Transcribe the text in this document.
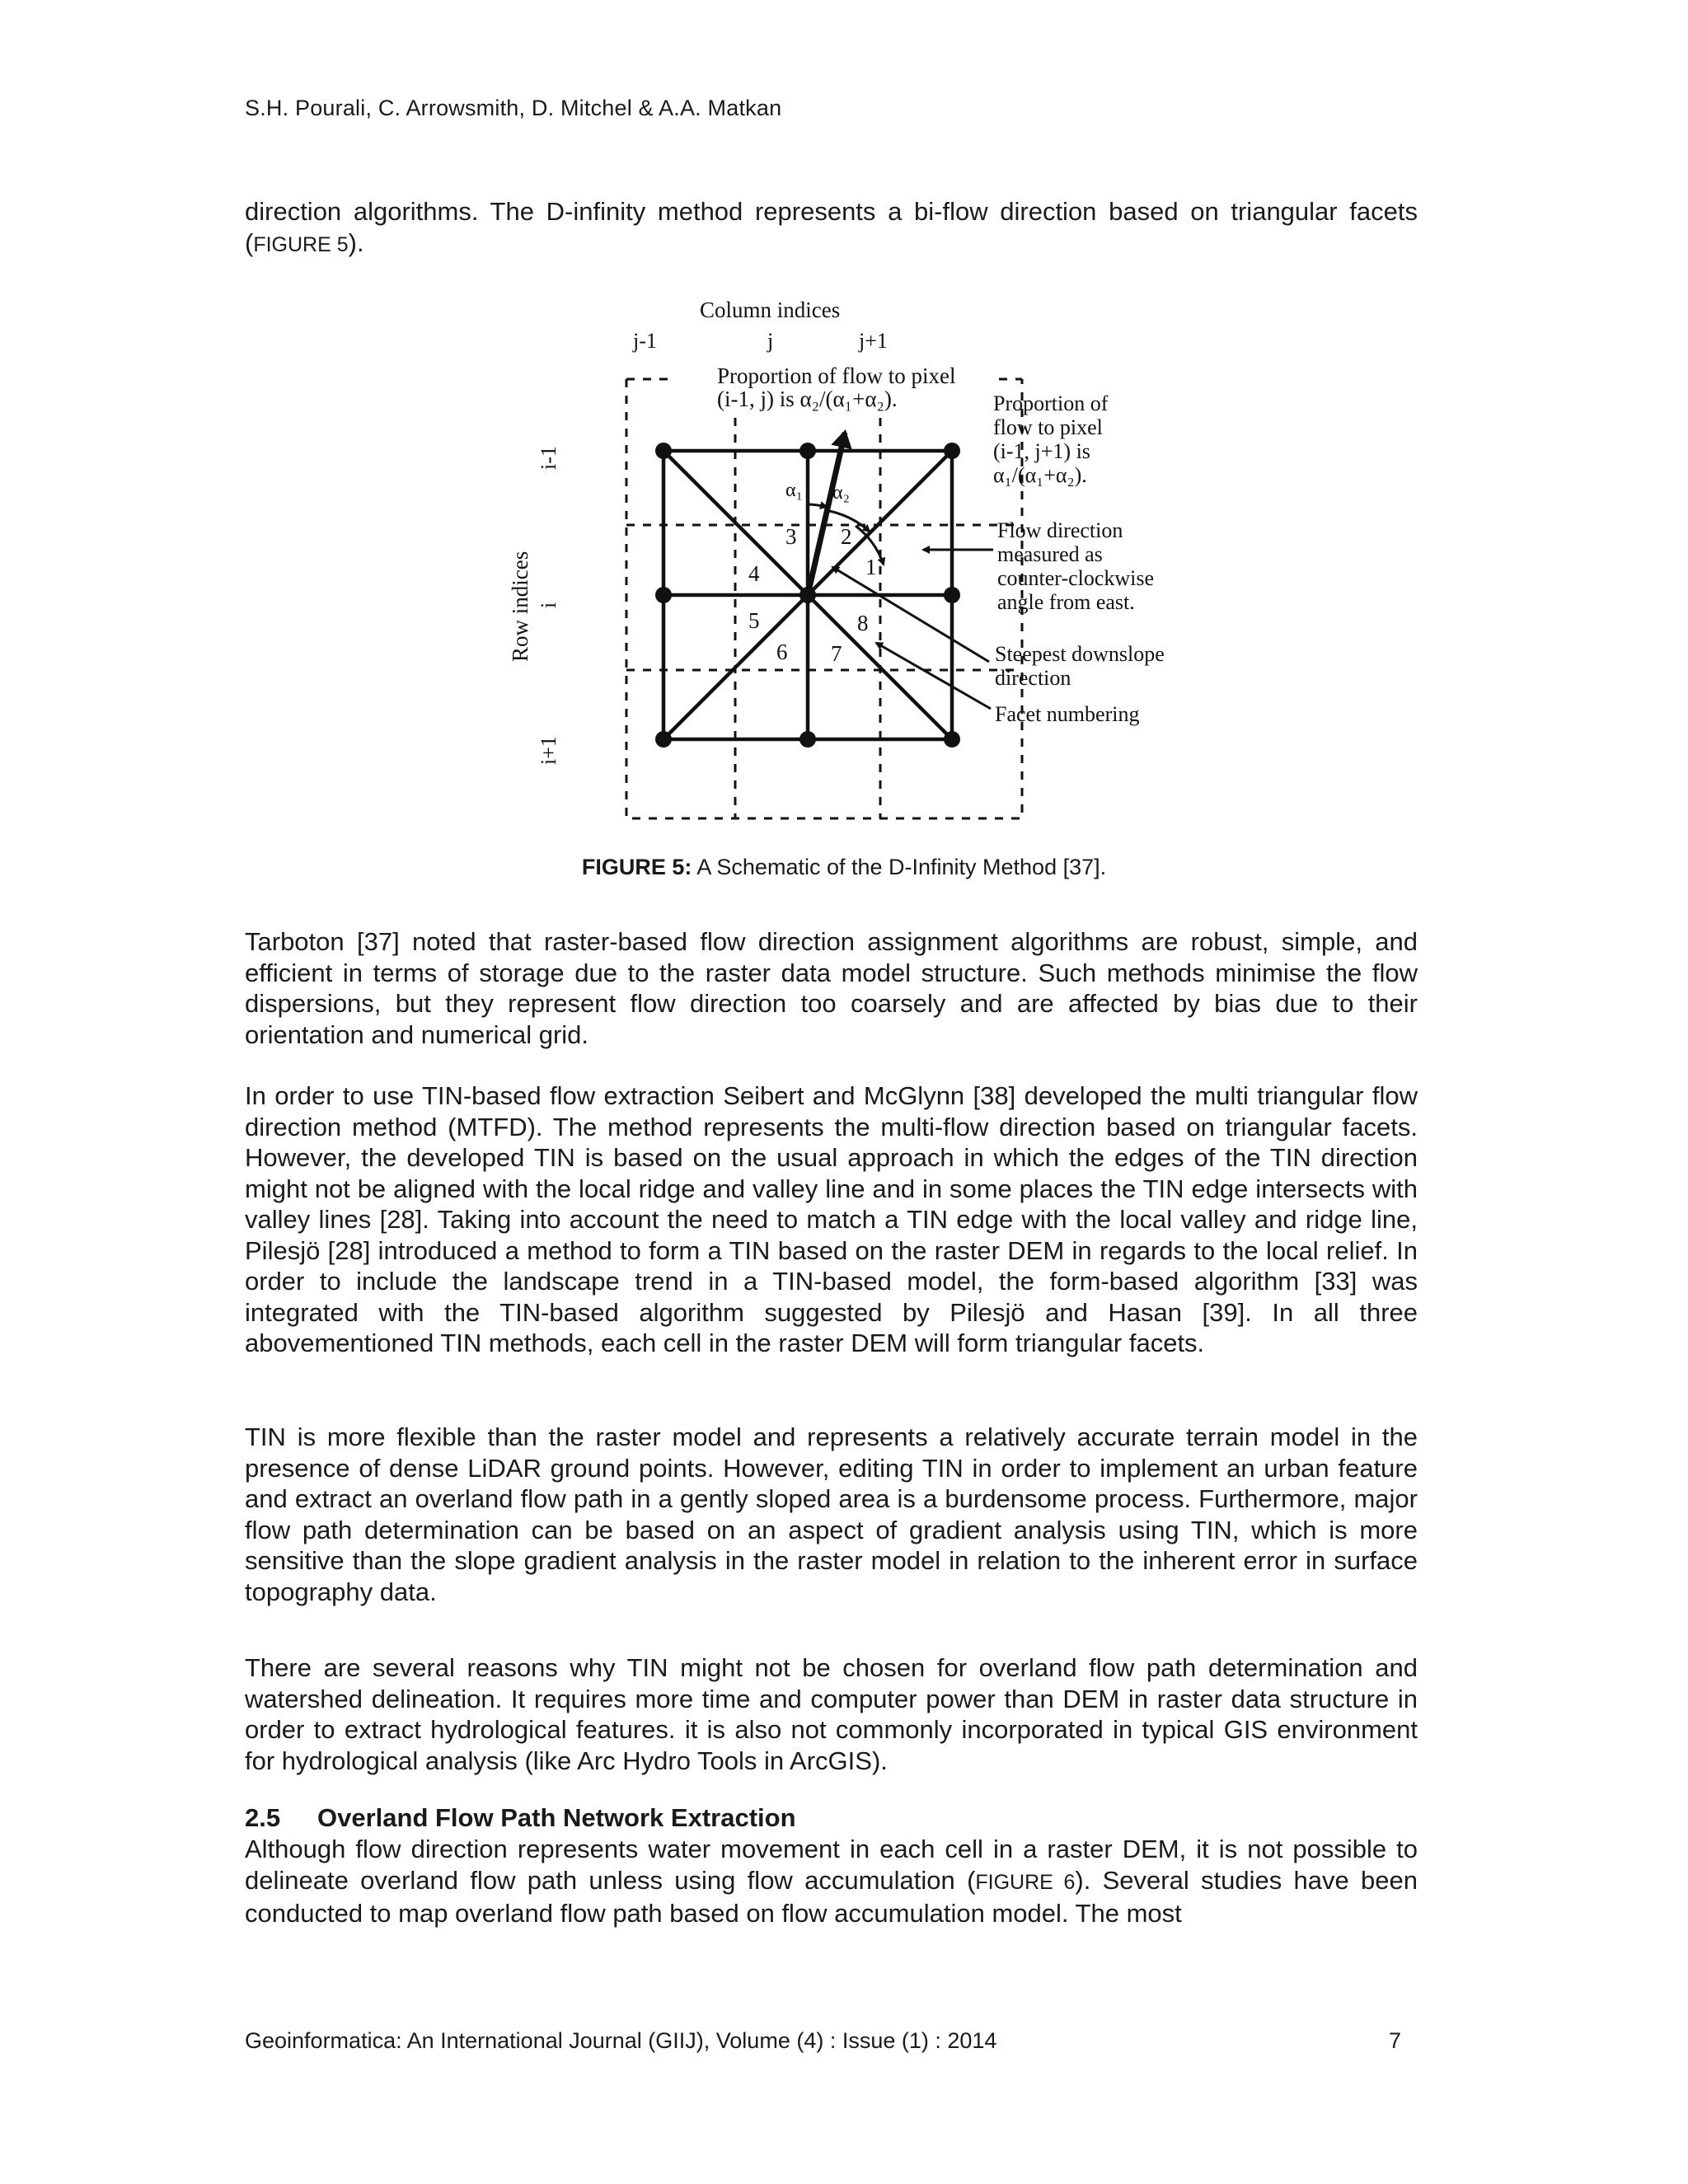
S.H. Pourali, C. Arrowsmith, D. Mitchel & A.A. Matkan

direction algorithms. The D-infinity method represents a bi-flow direction based on triangular facets (FIGURE 5).

Column indices
j-1	j	j+1
Row indices
i-1
i
i+1
α₁ α₂
2
3
4	1
5
6 7
8
Proportion of flow to pixel
(i-1, j) is α₂/(α₁+α₂).	Proportion of
flow to pixel
(i-1, j+1) is
α₁/(α₁+α₂).
Flow direction
measured as
counter-clockwise
angle from east.
Steepest downslope
direction
Facet numbering
FIGURE 5: A Schematic of the D-Infinity Method [37].

Tarboton [37] noted that raster-based flow direction assignment algorithms are robust, simple, and efficient in terms of storage due to the raster data model structure. Such methods minimise the flow dispersions, but they represent flow direction too coarsely and are affected by bias due to their orientation and numerical grid.

In order to use TIN-based flow extraction Seibert and McGlynn [38] developed the multi triangular flow direction method (MTFD). The method represents the multi-flow direction based on triangular facets. However, the developed TIN is based on the usual approach in which the edges of the TIN direction might not be aligned with the local ridge and valley line and in some places the TIN edge intersects with valley lines [28]. Taking into account the need to match a TIN edge with the local valley and ridge line, Pilesjö [28] introduced a method to form a TIN based on the raster DEM in regards to the local relief. In order to include the landscape trend in a TIN-based model, the form-based algorithm [33] was integrated with the TIN-based algorithm suggested by Pilesjö and Hasan [39]. In all three abovementioned TIN methods, each cell in the raster DEM will form triangular facets.

TIN is more flexible than the raster model and represents a relatively accurate terrain model in the presence of dense LiDAR ground points. However, editing TIN in order to implement an urban feature and extract an overland flow path in a gently sloped area is a burdensome process. Furthermore, major flow path determination can be based on an aspect of gradient analysis using TIN, which is more sensitive than the slope gradient analysis in the raster model in relation to the inherent error in surface topography data.

There are several reasons why TIN might not be chosen for overland flow path determination and watershed delineation. It requires more time and computer power than DEM in raster data structure in order to extract hydrological features. it is also not commonly incorporated in typical GIS environment for hydrological analysis (like Arc Hydro Tools in ArcGIS).

2.5 Overland Flow Path Network Extraction

Although flow direction represents water movement in each cell in a raster DEM, it is not possible to delineate overland flow path unless using flow accumulation (FIGURE 6). Several studies have been conducted to map overland flow path based on flow accumulation model. The most

Geoinformatica: An International Journal (GIIJ), Volume (4) : Issue (1) : 2014	7
